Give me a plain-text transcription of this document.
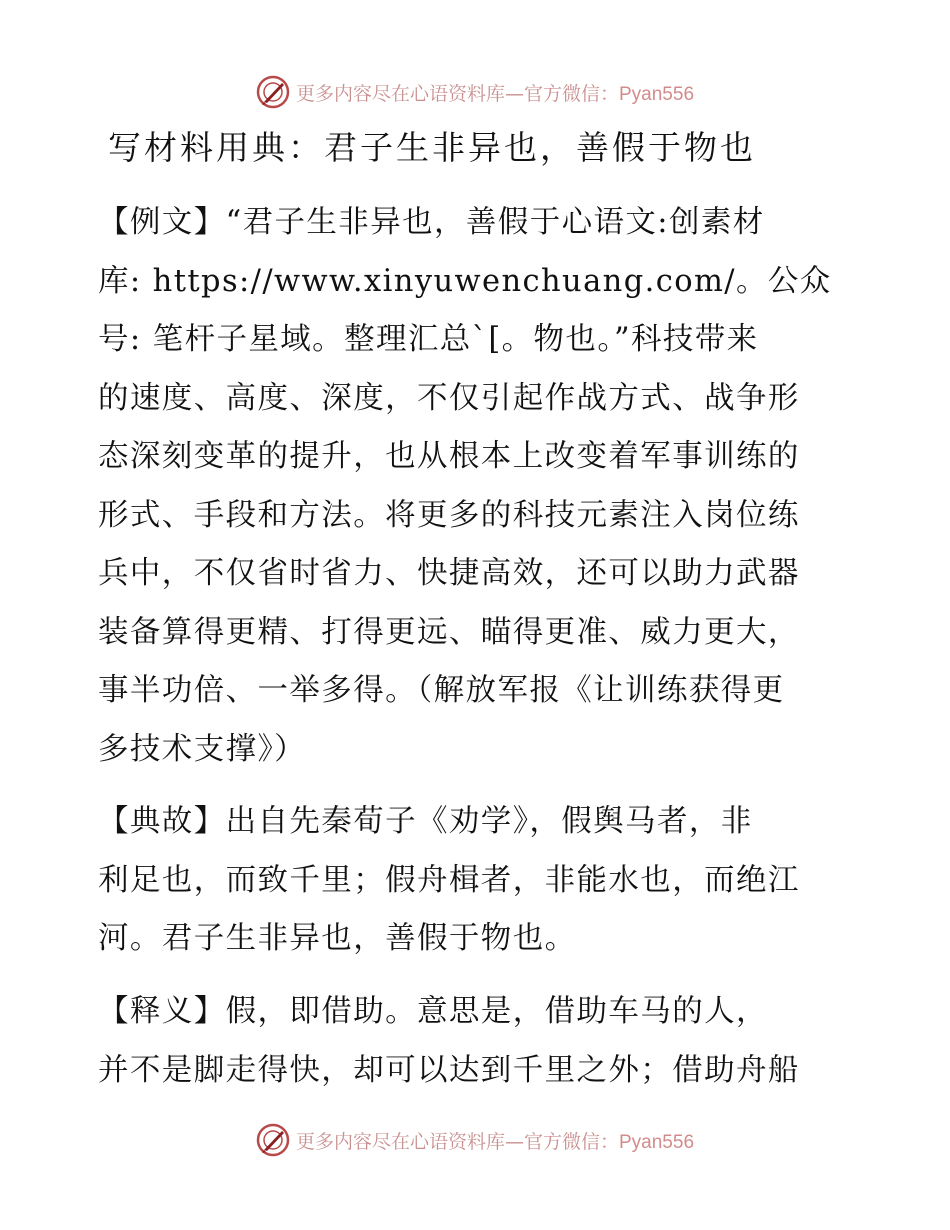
更多内容尽在心语资料库—官方微信：Pyan556
写材料用典：君子生非异也，善假于物也
【例文】“君子生非异也，善假于心语文:创素材
库: https://www.xinyuwenchuang.com/。公众
号: 笔杆子星域。整理汇总`[。物也。”科技带来
的速度、高度、深度，不仅引起作战方式、战争形
态深刻变革的提升，也从根本上改变着军事训练的
形式、手段和方法。将更多的科技元素注入岗位练
兵中，不仅省时省力、快捷高效，还可以助力武器
装备算得更精、打得更远、瞄得更准、威力更大，
事半功倍、一举多得。（解放军报《让训练获得更
多技术支撑》）
【典故】出自先秦荀子《劝学》，假舆马者，非
利足也，而致千里；假舟楫者，非能水也，而绝江
河。君子生非异也，善假于物也。
【释义】假，即借助。意思是，借助车马的人，
并不是脚走得快，却可以达到千里之外；借助舟船
更多内容尽在心语资料库—官方微信：Pyan556
